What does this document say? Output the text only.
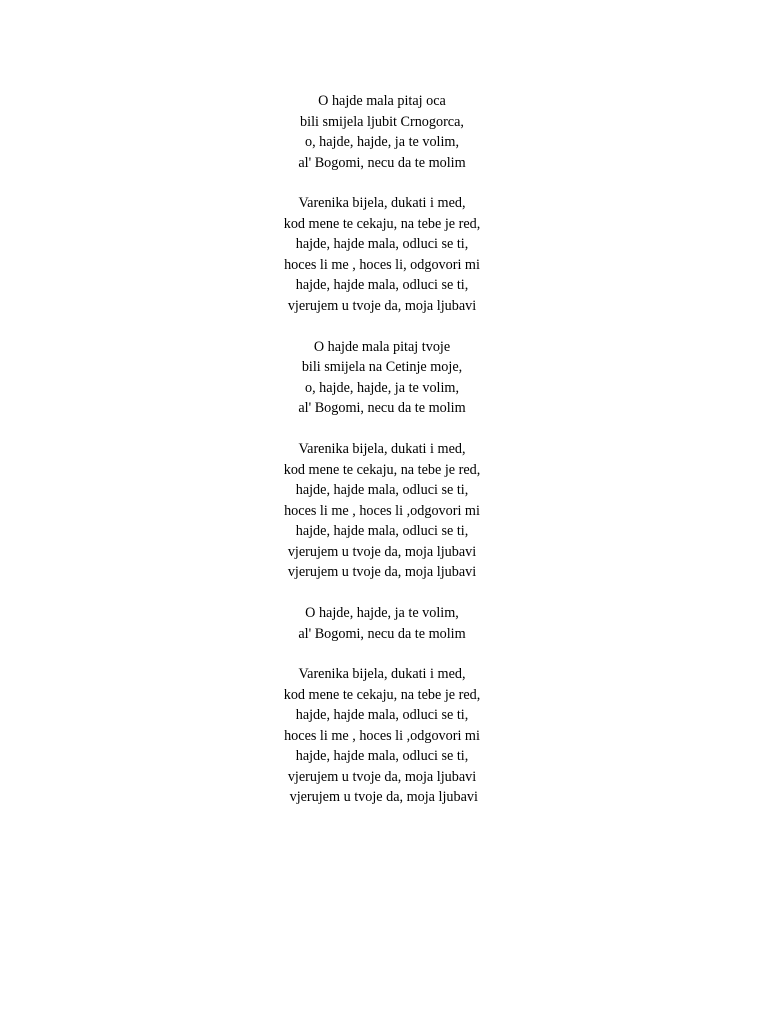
O hajde mala pitaj oca
bili smijela ljubit Crnogorca,
o, hajde, hajde, ja te volim,
al' Bogomi, necu da te molim
Varenika bijela, dukati i med,
kod mene te cekaju, na tebe je red,
hajde, hajde mala, odluci se ti,
hoces li me , hoces li, odgovori mi
hajde, hajde mala, odluci se ti,
vjerujem u tvoje da, moja ljubavi
O hajde mala pitaj tvoje
bili smijela na Cetinje moje,
o, hajde, hajde, ja te volim,
al' Bogomi, necu da te molim
Varenika bijela, dukati i med,
kod mene te cekaju, na tebe je red,
hajde, hajde mala, odluci se ti,
hoces li me , hoces li ,odgovori mi
hajde, hajde mala, odluci se ti,
vjerujem u tvoje da, moja ljubavi
vjerujem u tvoje da, moja ljubavi
O hajde, hajde, ja te volim,
al' Bogomi, necu da te molim
Varenika bijela, dukati i med,
kod mene te cekaju, na tebe je red,
hajde, hajde mala, odluci se ti,
hoces li me , hoces li ,odgovori mi
hajde, hajde mala, odluci se ti,
vjerujem u tvoje da, moja ljubavi
vjerujem u tvoje da, moja ljubavi
